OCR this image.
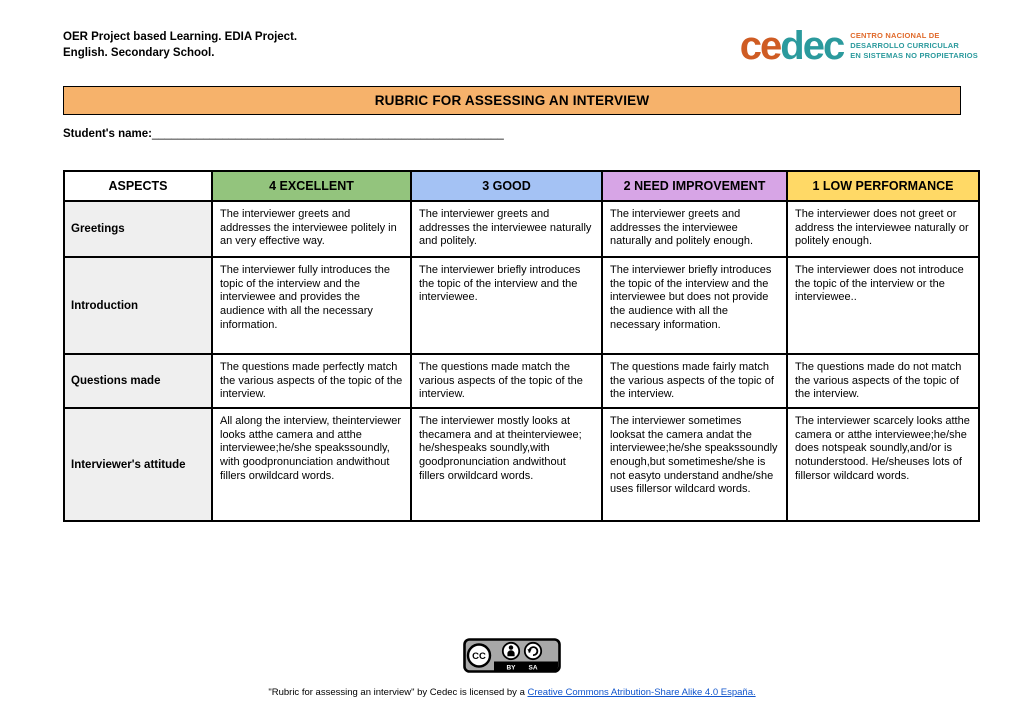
OER Project based Learning. EDIA Project.
English. Secondary School.	cedec CENTRO NACIONAL DE
DESARROLLO CURRICULAR
EN SISTEMAS NO PROPIETARIOS
RUBRIC FOR ASSESSING AN INTERVIEW
Student's name:_______________________________________________________
ASPECTS	4 EXCELLENT	3 GOOD	2 NEED IMPROVEMENT	1 LOW PERFORMANCE
Greetings	The interviewer greets and addresses the interviewee politely in an very effective way.	The interviewer greets and addresses the interviewee naturally and politely.	The interviewer greets and addresses the interviewee naturally and politely enough.	The interviewer does not greet or address the interviewee naturally or politely enough.
Introduction	The interviewer fully introduces the topic of the interview and the interviewee and provides the audience with all the necessary information.	The interviewer briefly introduces the topic of the interview and the interviewee.	The interviewer briefly introduces the topic of the interview and the interviewee but does not provide the audience with all the necessary information.	The interviewer does not introduce the topic of the interview or the interviewee..
Questions made	The questions made perfectly match the various aspects of the topic of the interview.	The questions made match the various aspects of the topic of the interview.	The questions made fairly match the various aspects of the topic of the interview.	The questions made do not match the various aspects of the topic of the interview.
Interviewer's attitude	All along the interview, theinterviewer looks atthe camera and atthe interviewee;he/she speakssoundly, with goodpronunciation andwithout fillers orwildcard words.	The interviewer mostly looks at thecamera and at theinterviewee; he/shespeaks soundly,with goodpronunciation andwithout fillers orwildcard words.	The interviewer sometimes looksat the camera andat the interviewee;he/she speakssoundly enough,but sometimeshe/she is not easyto understand andhe/she uses fillersor wildcard words.	The interviewer scarcely looks atthe camera or atthe interviewee;he/she does notspeak soundly,and/or is notunderstood. He/sheuses lots of fillersor wildcard words.
CC
BY SA
"Rubric for assessing an interview" by Cedec is licensed by a Creative Commons Atribution-Share Alike 4.0 España.
